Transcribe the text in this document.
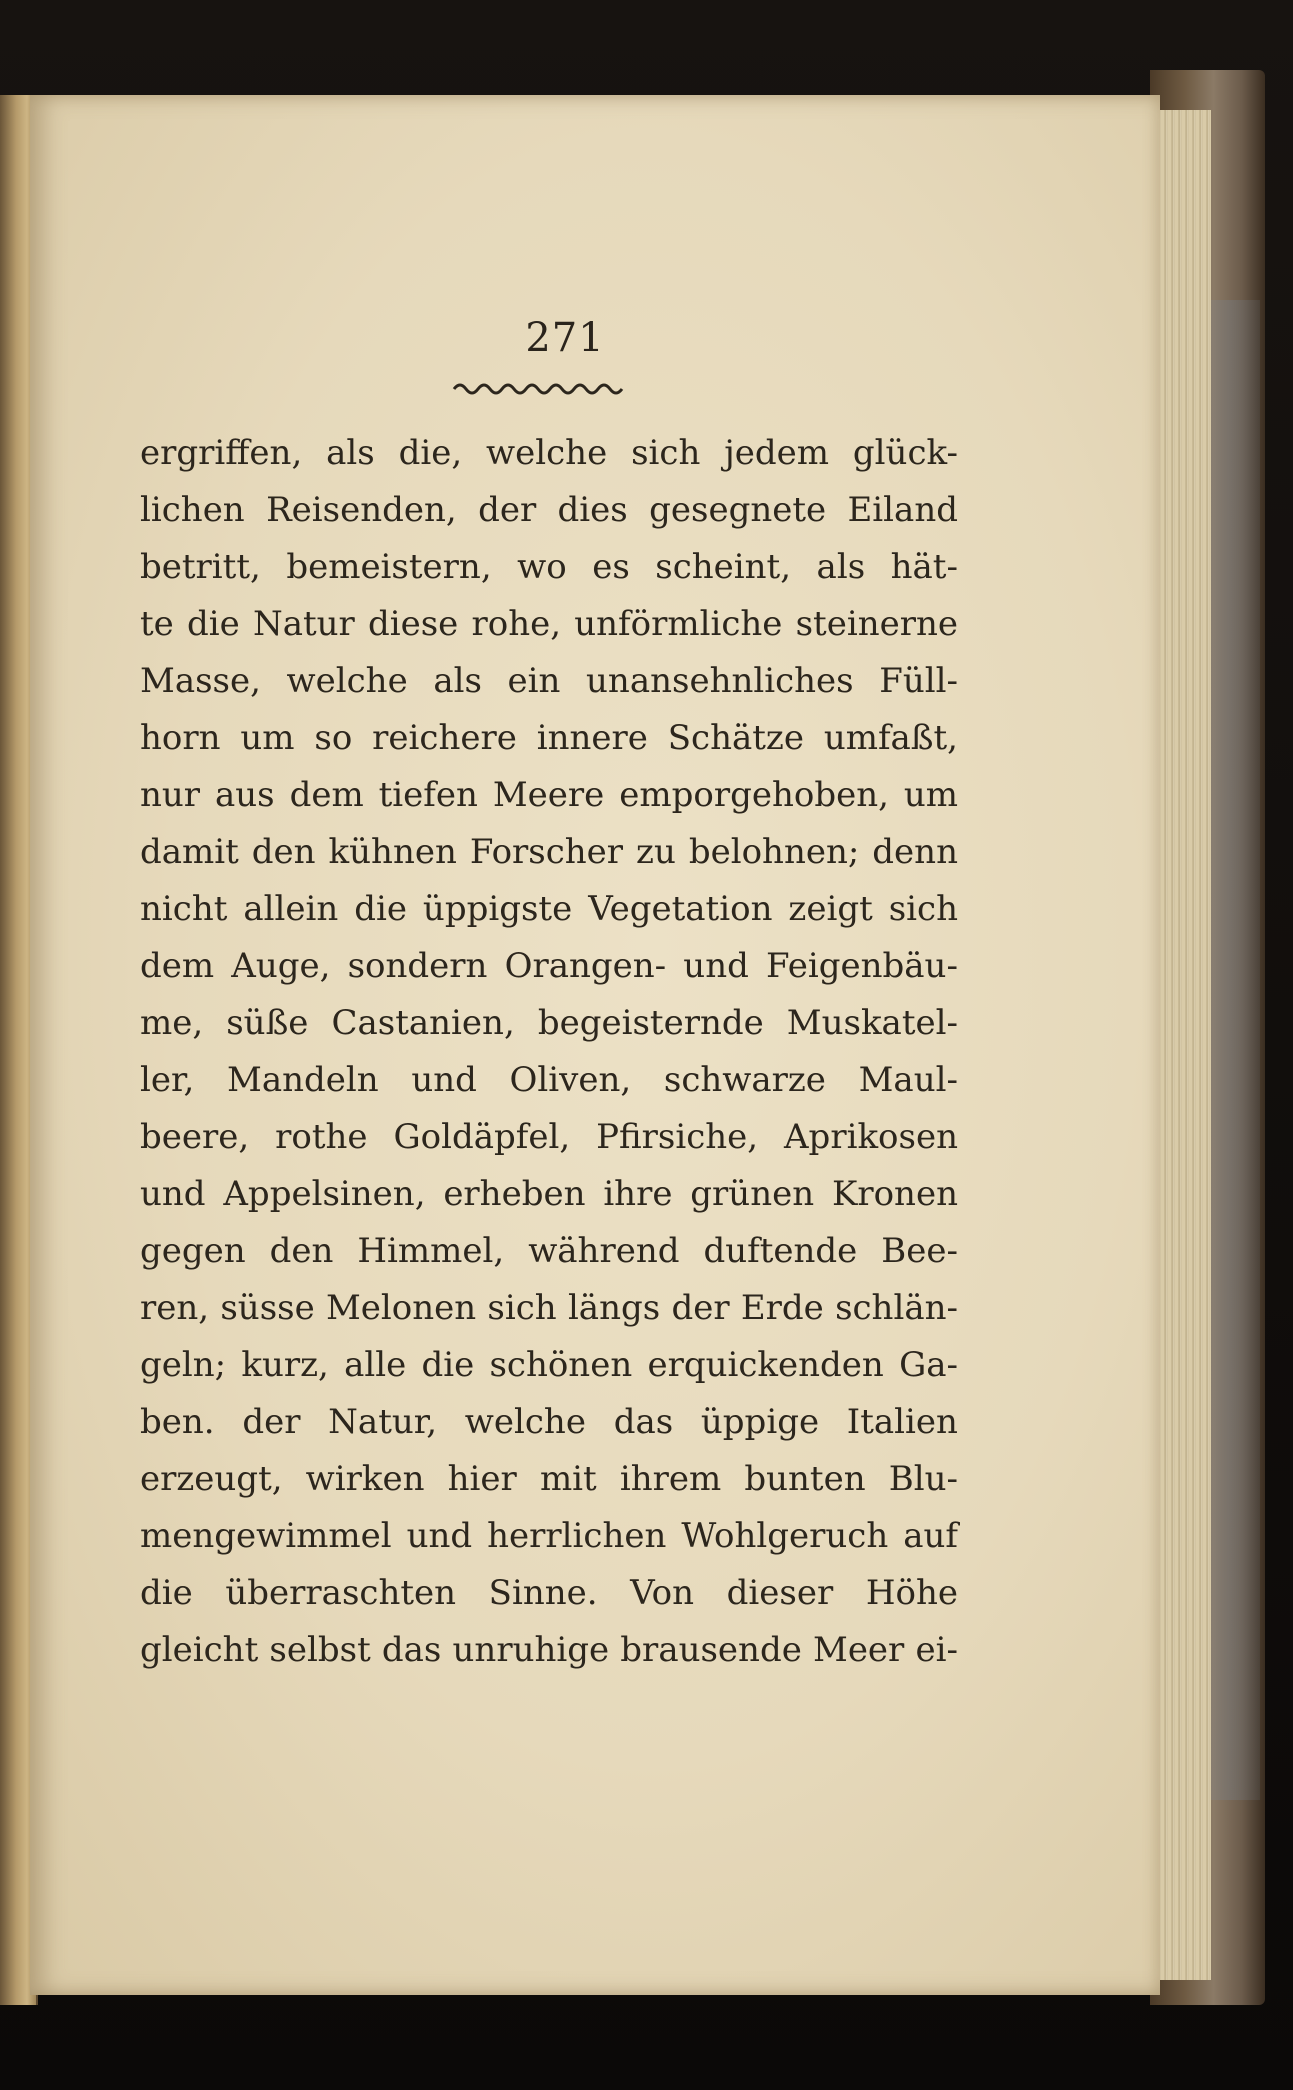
271
ergriffen, als die, welche sich jedem glück-
lichen Reisenden, der dies gesegnete Eiland
betritt, bemeistern, wo es scheint, als hät-
te die Natur diese rohe, unförmliche steinerne
Masse, welche als ein unansehnliches Füll-
horn um so reichere innere Schätze umfaßt,
nur aus dem tiefen Meere emporgehoben, um
damit den kühnen Forscher zu belohnen; denn
nicht allein die üppigste Vegetation zeigt sich
dem Auge, sondern Orangen- und Feigenbäu-
me, süße Castanien, begeisternde Muskatel-
ler, Mandeln und Oliven, schwarze Maul-
beere, rothe Goldäpfel, Pfirsiche, Aprikosen
und Appelsinen, erheben ihre grünen Kronen
gegen den Himmel, während duftende Bee-
ren, süsse Melonen sich längs der Erde schlän-
geln; kurz, alle die schönen erquickenden Ga-
ben. der Natur, welche das üppige Italien
erzeugt, wirken hier mit ihrem bunten Blu-
mengewimmel und herrlichen Wohlgeruch auf
die überraschten Sinne. Von dieser Höhe
gleicht selbst das unruhige brausende Meer ei-
